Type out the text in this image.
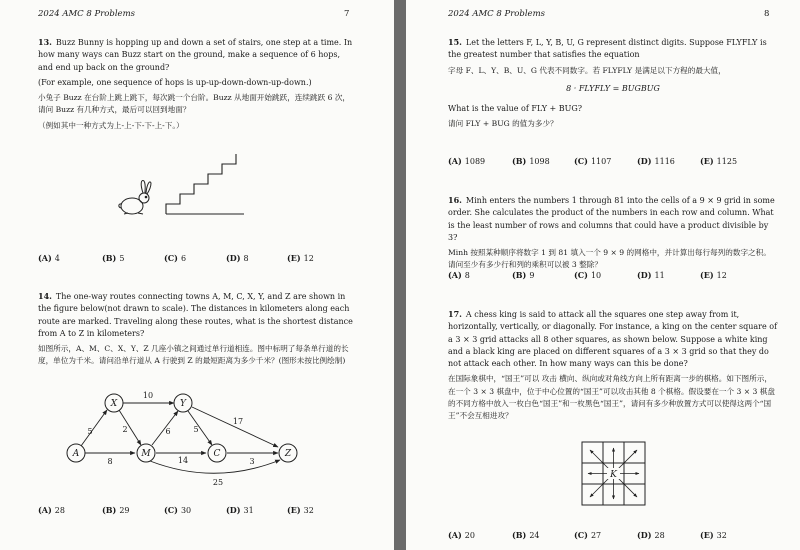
2024 AMC 8 Problems	7

13. Buzz Bunny is hopping up and down a set of stairs, one step at a time. In how many ways can Buzz start on the ground, make a sequence of 6 hops, and end up back on the ground?

(For example, one sequence of hops is up-up-down-down-up-down.)

小兔子 Buzz 在台阶上跳上跳下，每次跳一个台阶。Buzz 从地面开始跳跃，连续跳跃 6 次，请问 Buzz 有几种方式，最后可以回到地面？

（例如其中一种方式为上-上-下-下-上-下。）

(A) 4	(B) 5	(C) 6	(D) 8	(E) 12

14. The one-way routes connecting towns A, M, C, X, Y, and Z are shown in the figure below(not drawn to scale). The distances in kilometers along each route are marked. Traveling along these routes, what is the shortest distance from A to Z in kilometers?

如图所示，A、M、C、X、Y、Z 几座小镇之间通过单行道相连。图中标明了每条单行道的长度，单位为千米。请问沿单行道从 A 行驶到 Z 的最短距离为多少千米？(图形未按比例绘制)

A	M	C
X	Y
Z
5
8
10
2	6
14
5
17
3
25
(A) 28	(B) 29	(C) 30	(D) 31	(E) 32
2024 AMC 8 Problems	8

15. Let the letters F, L, Y, B, U, G represent distinct digits. Suppose FLYFLY is the greatest number that satisfies the equation

字母 F、L、Y、B、U、G 代表不同数字。若 FLYFLY 是满足以下方程的最大值，

8 · FLYFLY = BUGBUG

What is the value of FLY + BUG?

请问 FLY + BUG 的值为多少？

(A) 1089	(B) 1098	(C) 1107	(D) 1116	(E) 1125

16. Minh enters the numbers 1 through 81 into the cells of a 9 × 9 grid in some order. She calculates the product of the numbers in each row and column. What is the least number of rows and columns that could have a product divisible by 3?

Minh 按照某种顺序将数字 1 到 81 填入一个 9 × 9 的网格中，并计算出每行每列的数字之积。请问至少有多少行和列的乘积可以被 3 整除？

(A) 8	(B) 9	(C) 10	(D) 11	(E) 12

17. A chess king is said to attack all the squares one step away from it, horizontally, vertically, or diagonally. For instance, a king on the center square of a 3 × 3 grid attacks all 8 other squares, as shown below. Suppose a white king and a black king are placed on different squares of a 3 × 3 grid so that they do not attack each other. In how many ways can this be done?

在国际象棋中，“国王”可以 攻击 横向、纵向或对角线方向上所有距离一步的棋格。如下图所示，在一个 3 × 3 棋盘中，位于中心位置的“国王”可以攻击其他 8 个棋格。假设要在一个 3 × 3 棋盘的不同方格中放入一枚白色“国王”和一枚黑色“国王”，请问有多少种放置方式可以使得这两个“国王”不会互相进攻？

K
(A) 20	(B) 24	(C) 27	(D) 28	(E) 32
